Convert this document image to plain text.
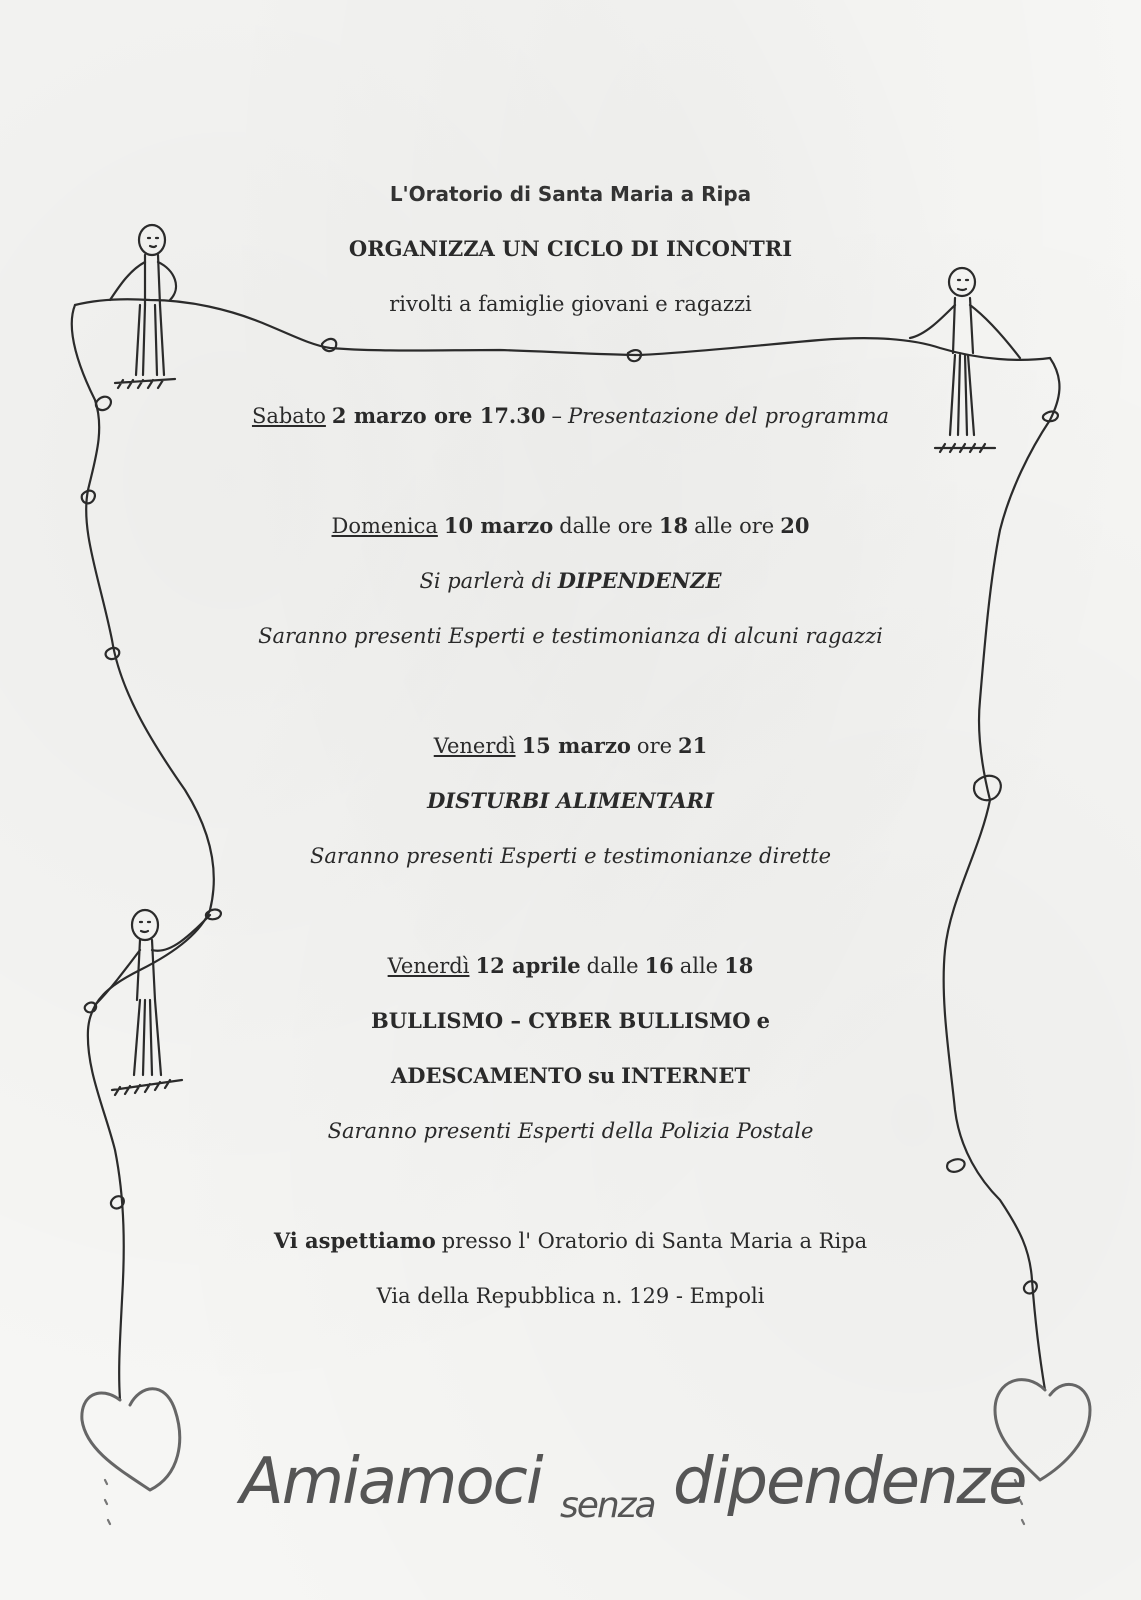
L'Oratorio di Santa Maria a Ripa
ORGANIZZA UN CICLO DI INCONTRI
rivolti a famiglie giovani e ragazzi
Sabato 2 marzo ore 17.30 – Presentazione del programma
Domenica 10 marzo dalle ore 18 alle ore 20
Si parlerà di DIPENDENZE
Saranno presenti Esperti e testimonianza di alcuni ragazzi
Venerdì 15 marzo ore 21
DISTURBI ALIMENTARI
Saranno presenti Esperti e testimonianze dirette
Venerdì 12 aprile dalle 16 alle 18
BULLISMO – CYBER BULLISMO e
ADESCAMENTO su INTERNET
Saranno presenti Esperti della Polizia Postale
Vi aspettiamo presso l' Oratorio di Santa Maria a Ripa
Via della Repubblica n. 129 - Empoli
Amiamoci $_{senza}$ dipendenze
